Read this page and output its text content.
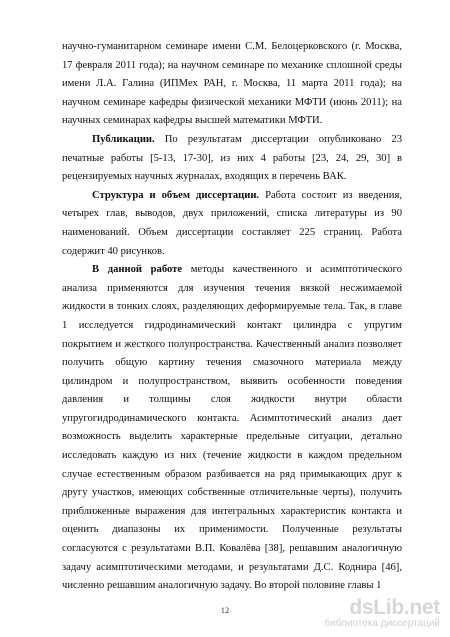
научно-гуманитарном семинаре имени С.М. Белоцерковского (г. Москва, 17 февраля 2011 года); на научном семинаре по механике сплошной среды имени Л.А. Галина (ИПМех РАН, г. Москва, 11 марта 2011 года); на научном семинаре кафедры физической механики МФТИ (июнь 2011); на научных семинарах кафедры высшей математики МФТИ.

Публикации. По результатам диссертации опубликовано 23 печатные работы [5-13, 17-30], из них 4 работы [23, 24, 29, 30] в рецензируемых научных журналах, входящих в перечень ВАК.

Структура и объем диссертации. Работа состоит из введения, четырех глав, выводов, двух приложений, списка литературы из 90 наименований. Объем диссертации составляет 225 страниц. Работа содержит 40 рисунков.

В данной работе методы качественного и асимптотического анализа применяются для изучения течения вязкой несжимаемой жидкости в тонких слоях, разделяющих деформируемые тела. Так, в главе 1 исследуется гидродинамический контакт цилиндра с упругим покрытием и жесткого полупространства. Качественный анализ позволяет получить общую картину течения смазочного материала между цилиндром и полупространством, выявить особенности поведения давления и толщины слоя жидкости внутри области упругогидродинамического контакта. Асимптотический анализ дает возможность выделить характерные предельные ситуации, детально исследовать каждую из них (течение жидкости в каждом предельном случае естественным образом разбивается на ряд примыкающих друг к другу участков, имеющих собственные отличительные черты), получить приближенные выражения для интегральных характеристик контакта и оценить диапазоны их применимости. Полученные результаты согласуются с результатами В.П. Ковалёва [38], решавшим аналогичную задачу асимптотическими методами, и результатами Д.С. Коднира [46], численно решавшим аналогичную задачу. Во второй половине главы 1

12	dsLib.net
библиотека диссертаций
